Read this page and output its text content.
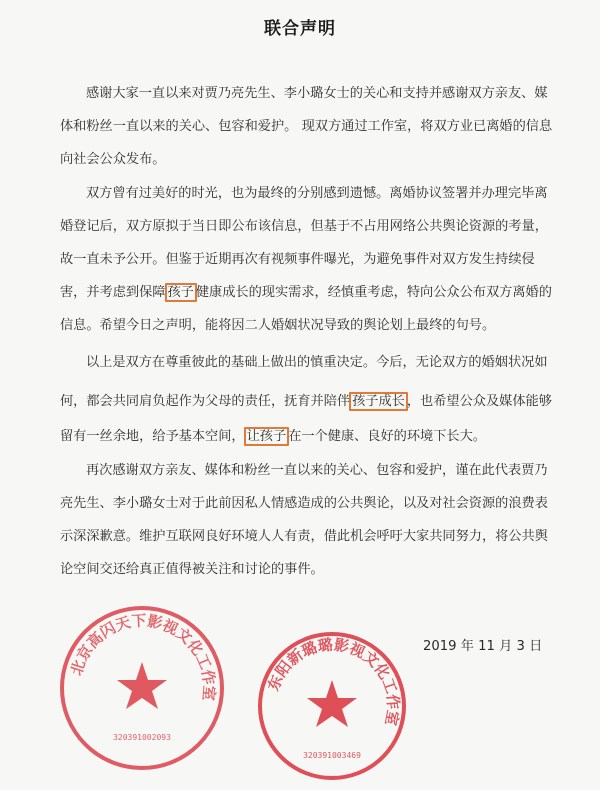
联合声明
感谢大家一直以来对贾乃亮先生、李小璐女士的关心和支持并感谢双方亲友、媒
体和粉丝一直以来的关心、包容和爱护。 现双方通过工作室，将双方业已离婚的信息
向社会公众发布。
双方曾有过美好的时光，也为最终的分别感到遗憾。离婚协议签署并办理完毕离
婚登记后，双方原拟于当日即公布该信息，但基于不占用网络公共舆论资源的考量，
故一直未予公开。但鉴于近期再次有视频事件曝光，为避免事件对双方发生持续侵
害，并考虑到保障 孩子 健康成长的现实需求，经慎重考虑，特向公众公布双方离婚的
信息。希望今日之声明，能将因二人婚姻状况导致的舆论划上最终的句号。
以上是双方在尊重彼此的基础上做出的慎重决定。今后，无论双方的婚姻状况如
何，都会共同肩负起作为父母的责任，抚育并陪伴 孩子成长 ，也希望公众及媒体能够
留有一丝余地，给予基本空间， 让孩子 在一个健康、良好的环境下长大。
再次感谢双方亲友、媒体和粉丝一直以来的关心、包容和爱护，谨在此代表贾乃
亮先生、李小璐女士对于此前因私人情感造成的公共舆论，以及对社会资源的浪费表
示深深歉意。维护互联网良好环境人人有责，借此机会呼吁大家共同努力，将公共舆
论空间交还给真正值得被关注和讨论的事件。
2019 年 11 月 3 日
北京高闪天下影视文化工作室
320391002093
东阳新璐璐影视文化工作室
320391003469
